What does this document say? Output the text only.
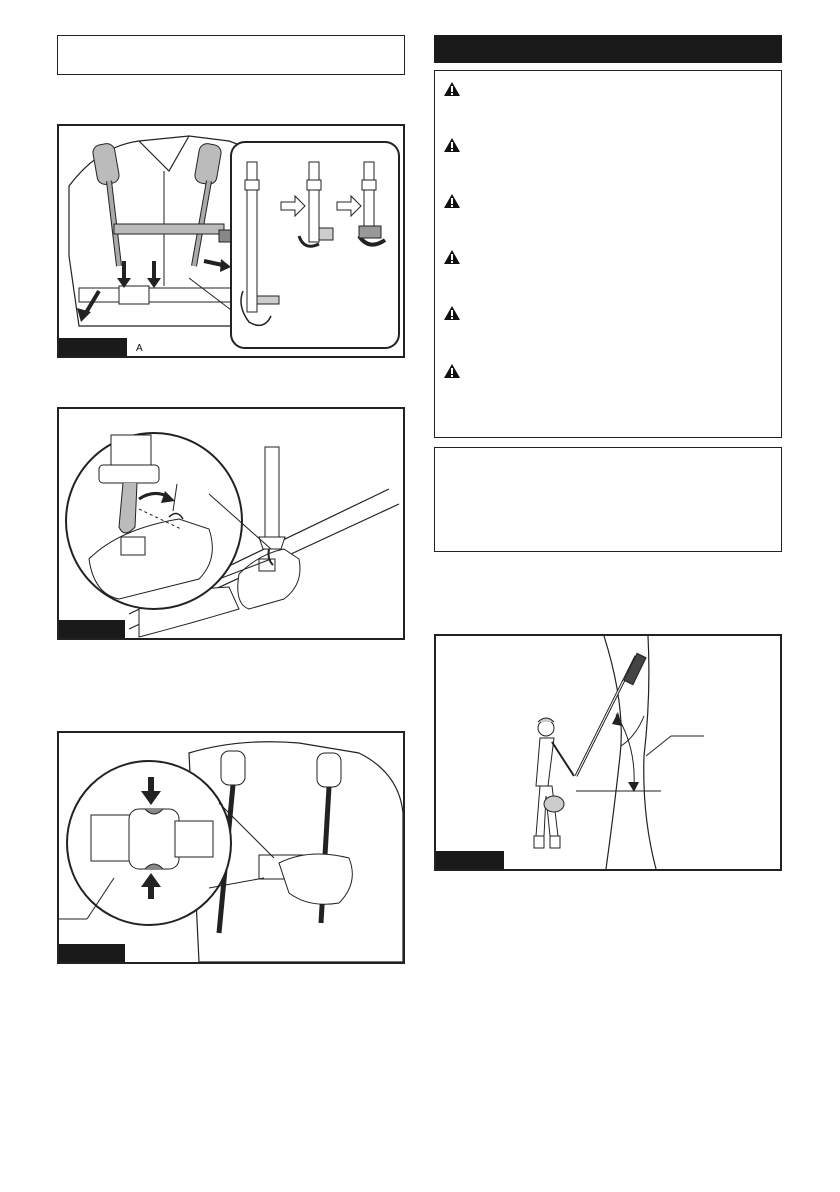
A
